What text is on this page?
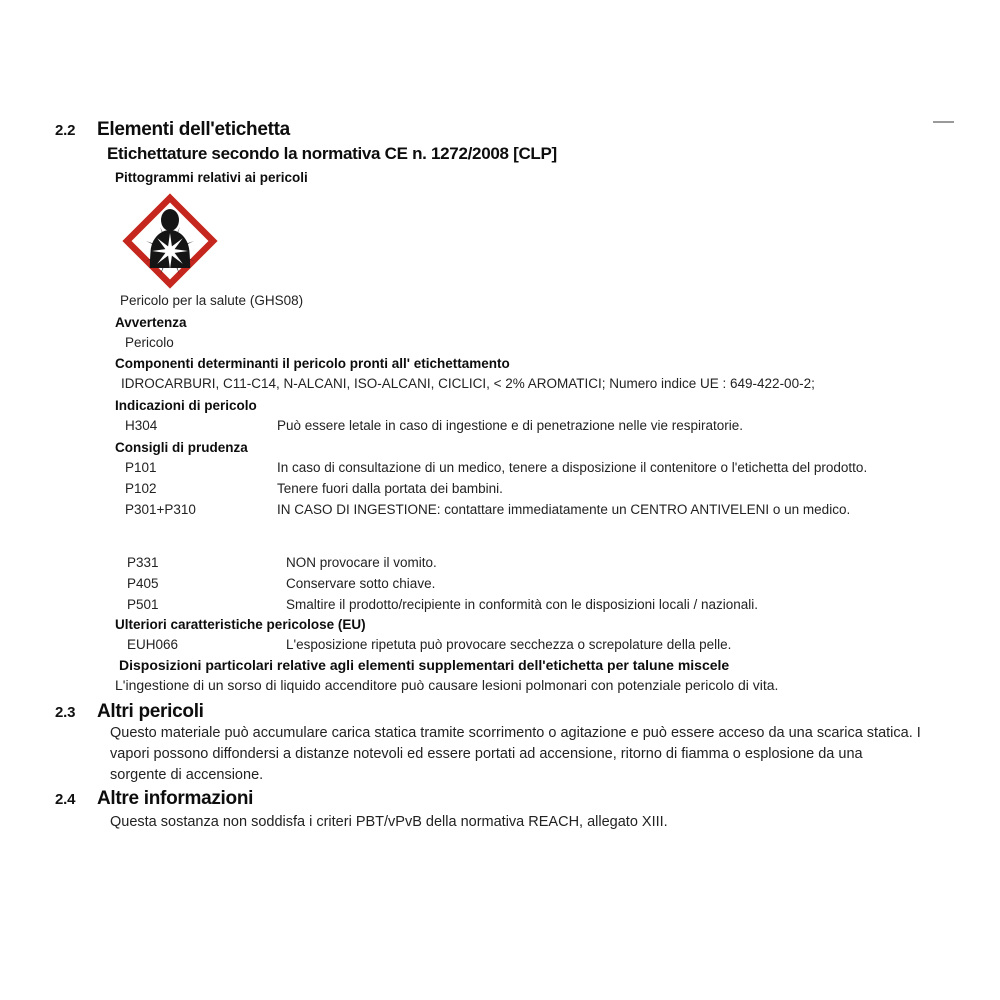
2.2	Elementi dell'etichetta
Etichettature secondo la normativa CE n. 1272/2008 [CLP]
Pittogrammi relativi ai pericoli
Pericolo per la salute (GHS08)
Avvertenza
Pericolo
Componenti determinanti il pericolo pronti all' etichettamento
IDROCARBURI, C11-C14, N-ALCANI, ISO-ALCANI, CICLICI, < 2% AROMATICI; Numero indice UE : 649-422-00-2;
Indicazioni di pericolo
H304	Può essere letale in caso di ingestione e di penetrazione nelle vie respiratorie.
Consigli di prudenza
P101	In caso di consultazione di un medico, tenere a disposizione il contenitore o l'etichetta del prodotto.
P102	Tenere fuori dalla portata dei bambini.
P301+P310	IN CASO DI INGESTIONE: contattare immediatamente un CENTRO ANTIVELENI o un medico.
P331	NON provocare il vomito.
P405	Conservare sotto chiave.
P501	Smaltire il prodotto/recipiente in conformità con le disposizioni locali / nazionali.
Ulteriori caratteristiche pericolose (EU)
EUH066	L'esposizione ripetuta può provocare secchezza o screpolature della pelle.
Disposizioni particolari relative agli elementi supplementari dell'etichetta per talune miscele
L'ingestione di un sorso di liquido accenditore può causare lesioni polmonari con potenziale pericolo di vita.
2.3	Altri pericoli
Questo materiale può accumulare carica statica tramite scorrimento o agitazione e può essere acceso da una scarica statica. I vapori possono diffondersi a distanze notevoli ed essere portati ad accensione, ritorno di fiamma o esplosione da una sorgente di accensione.
2.4	Altre informazioni
Questa sostanza non soddisfa i criteri PBT/vPvB della normativa REACH, allegato XIII.
